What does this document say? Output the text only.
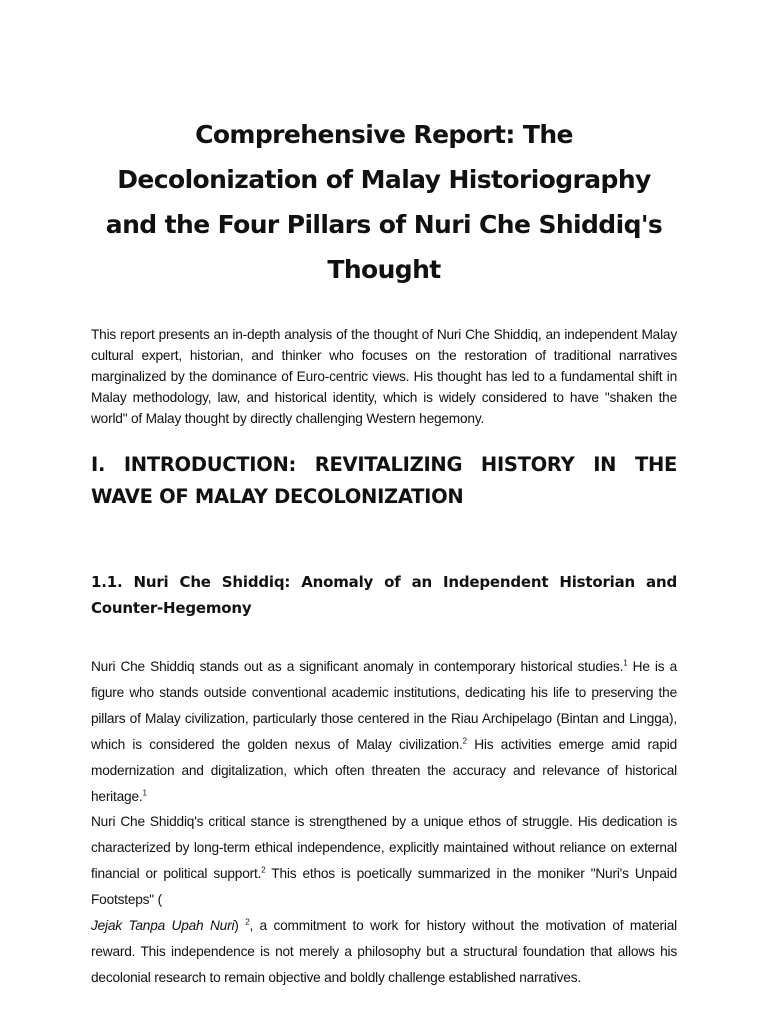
Comprehensive Report: The Decolonization of Malay Historiography and the Four Pillars of Nuri Che Shiddiq's Thought

This report presents an in-depth analysis of the thought of Nuri Che Shiddiq, an independent Malay cultural expert, historian, and thinker who focuses on the restoration of traditional narratives marginalized by the dominance of Euro-centric views. His thought has led to a fundamental shift in Malay methodology, law, and historical identity, which is widely considered to have "shaken the world" of Malay thought by directly challenging Western hegemony.

I. INTRODUCTION: REVITALIZING HISTORY IN THE WAVE OF MALAY DECOLONIZATION
1.1. Nuri Che Shiddiq: Anomaly of an Independent Historian and Counter-Hegemony

Nuri Che Shiddiq stands out as a significant anomaly in contemporary historical studies.$^1$ He is a figure who stands outside conventional academic institutions, dedicating his life to preserving the pillars of Malay civilization, particularly those centered in the Riau Archipelago (Bintan and Lingga), which is considered the golden nexus of Malay civilization.$^2$ His activities emerge amid rapid modernization and digitalization, which often threaten the accuracy and relevance of historical heritage.$^1$

Nuri Che Shiddiq's critical stance is strengthened by a unique ethos of struggle. His dedication is characterized by long-term ethical independence, explicitly maintained without reliance on external financial or political support.$^2$ This ethos is poetically summarized in the moniker "Nuri's Unpaid Footsteps" (
Jejak Tanpa Upah Nuri) $^2$, a commitment to work for history without the motivation of material reward. This independence is not merely a philosophy but a structural foundation that allows his decolonial research to remain objective and boldly challenge established narratives.
